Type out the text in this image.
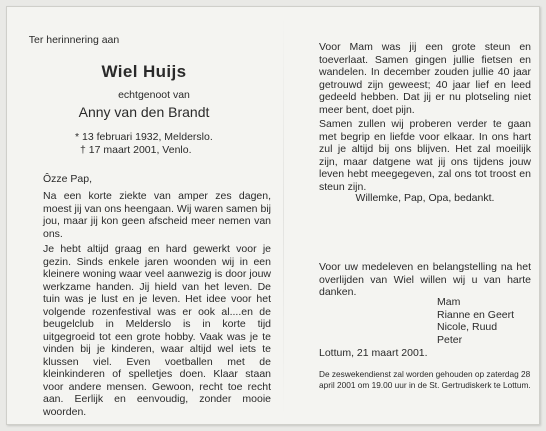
Ter herinnering aan
Wiel Huijs
echtgenoot van
Anny van den Brandt
* 13 februari 1932, Melderslo.
† 17 maart 2001, Venlo.

Ôzze Pap,

Na een korte ziekte van amper zes dagen, moest jij van ons heengaan. Wij waren samen bij jou, maar jij kon geen afscheid meer nemen van ons.

Je hebt altijd graag en hard gewerkt voor je gezin. Sinds enkele jaren woonden wij in een kleinere woning waar veel aanwezig is door jouw werkzame handen. Jij hield van het leven. De tuin was je lust en je leven. Het idee voor het volgende rozenfestival was er ook al....en de beugelclub in Melderslo is in korte tijd uitgegroeid tot een grote hobby. Vaak was je te vinden bij je kinderen, waar altijd wel iets te klussen viel. Even voetballen met de kleinkinderen of spelletjes doen. Klaar staan voor andere mensen. Gewoon, recht toe recht aan. Eerlijk en eenvoudig, zonder mooie woorden.

Voor Mam was jij een grote steun en toeverlaat. Samen gingen jullie fietsen en wandelen. In december zouden jullie 40 jaar getrouwd zijn geweest; 40 jaar lief en leed gedeeld hebben. Dat jij er nu plotseling niet meer bent, doet pijn.

Samen zullen wij proberen verder te gaan met begrip en liefde voor elkaar. In ons hart zul je altijd bij ons blijven. Het zal moeilijk zijn, maar datgene wat jij ons tijdens jouw leven hebt meegegeven, zal ons tot troost en steun zijn.

Willemke, Pap, Opa, bedankt.

Voor uw medeleven en belangstelling na het overlijden van Wiel willen wij u van harte danken.

Mam
Rianne en Geert
Nicole, Ruud
Peter

Lottum, 21 maart 2001.

De zeswekendienst zal worden gehouden op zaterdag 28 april 2001 om 19.00 uur in de St. Gertrudiskerk te Lottum.
